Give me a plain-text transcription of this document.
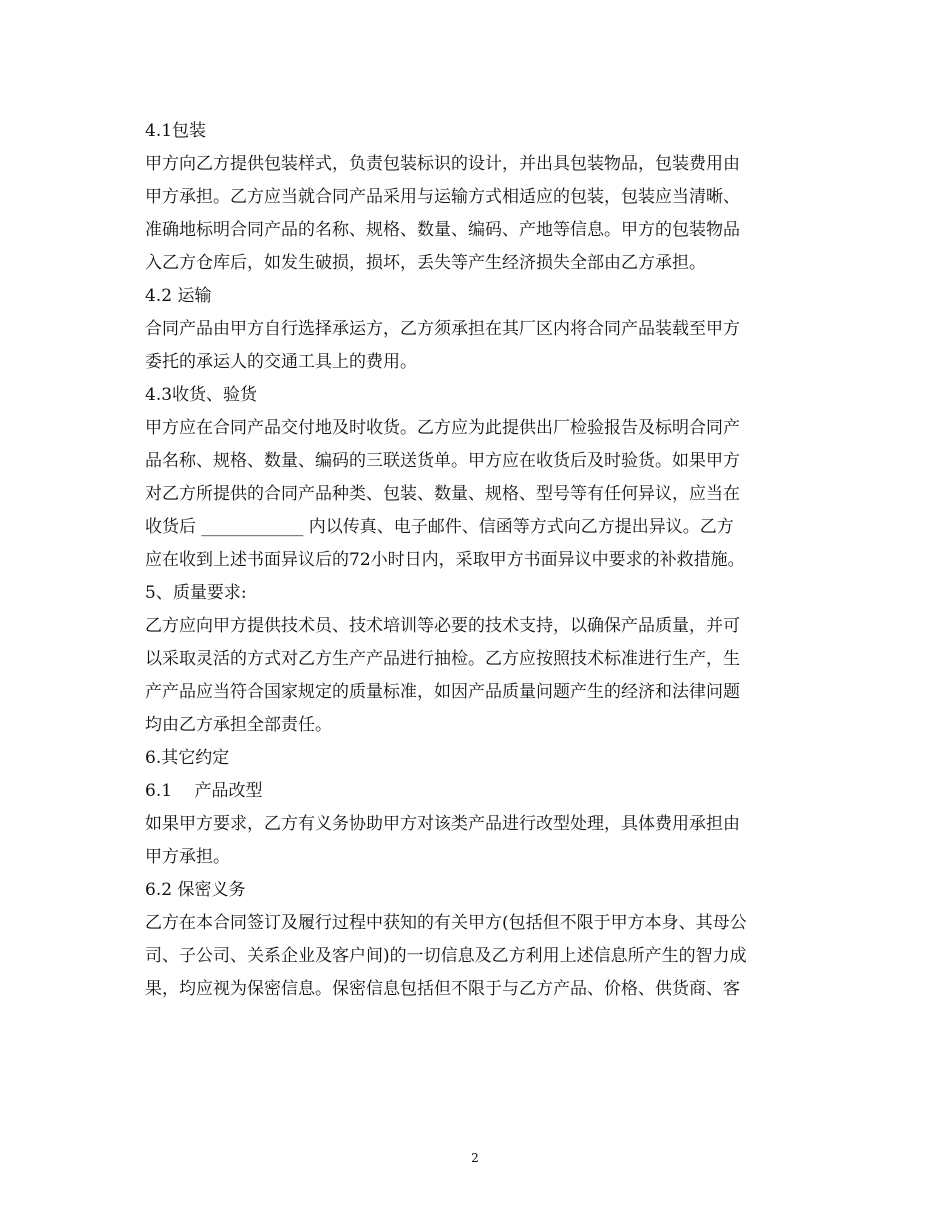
4.1包装
甲方向乙方提供包装样式，负责包装标识的设计，并出具包装物品，包装费用由
甲方承担。乙方应当就合同产品采用与运输方式相适应的包装，包装应当清晰、
准确地标明合同产品的名称、规格、数量、编码、产地等信息。甲方的包装物品
入乙方仓库后，如发生破损，损坏，丢失等产生经济损失全部由乙方承担。
4.2 运输
合同产品由甲方自行选择承运方，乙方须承担在其厂区内将合同产品装载至甲方
委托的承运人的交通工具上的费用。
4.3收货、验货
甲方应在合同产品交付地及时收货。乙方应为此提供出厂检验报告及标明合同产
品名称、规格、数量、编码的三联送货单。甲方应在收货后及时验货。如果甲方
对乙方所提供的合同产品种类、包装、数量、规格、型号等有任何异议，应当在
收货后 ____________ 内以传真、电子邮件、信函等方式向乙方提出异议。乙方
应在收到上述书面异议后的72小时日内，采取甲方书面异议中要求的补救措施。
5、质量要求:
乙方应向甲方提供技术员、技术培训等必要的技术支持，以确保产品质量，并可
以采取灵活的方式对乙方生产产品进行抽检。乙方应按照技术标准进行生产，生
产产品应当符合国家规定的质量标准，如因产品质量问题产生的经济和法律问题
均由乙方承担全部责任。
6.其它约定
6.1　 产品改型
如果甲方要求，乙方有义务协助甲方对该类产品进行改型处理，具体费用承担由
甲方承担。
6.2 保密义务
乙方在本合同签订及履行过程中获知的有关甲方(包括但不限于甲方本身、其母公
司、子公司、关系企业及客户间)的一切信息及乙方利用上述信息所产生的智力成
果，均应视为保密信息。保密信息包括但不限于与乙方产品、价格、供货商、客
2
